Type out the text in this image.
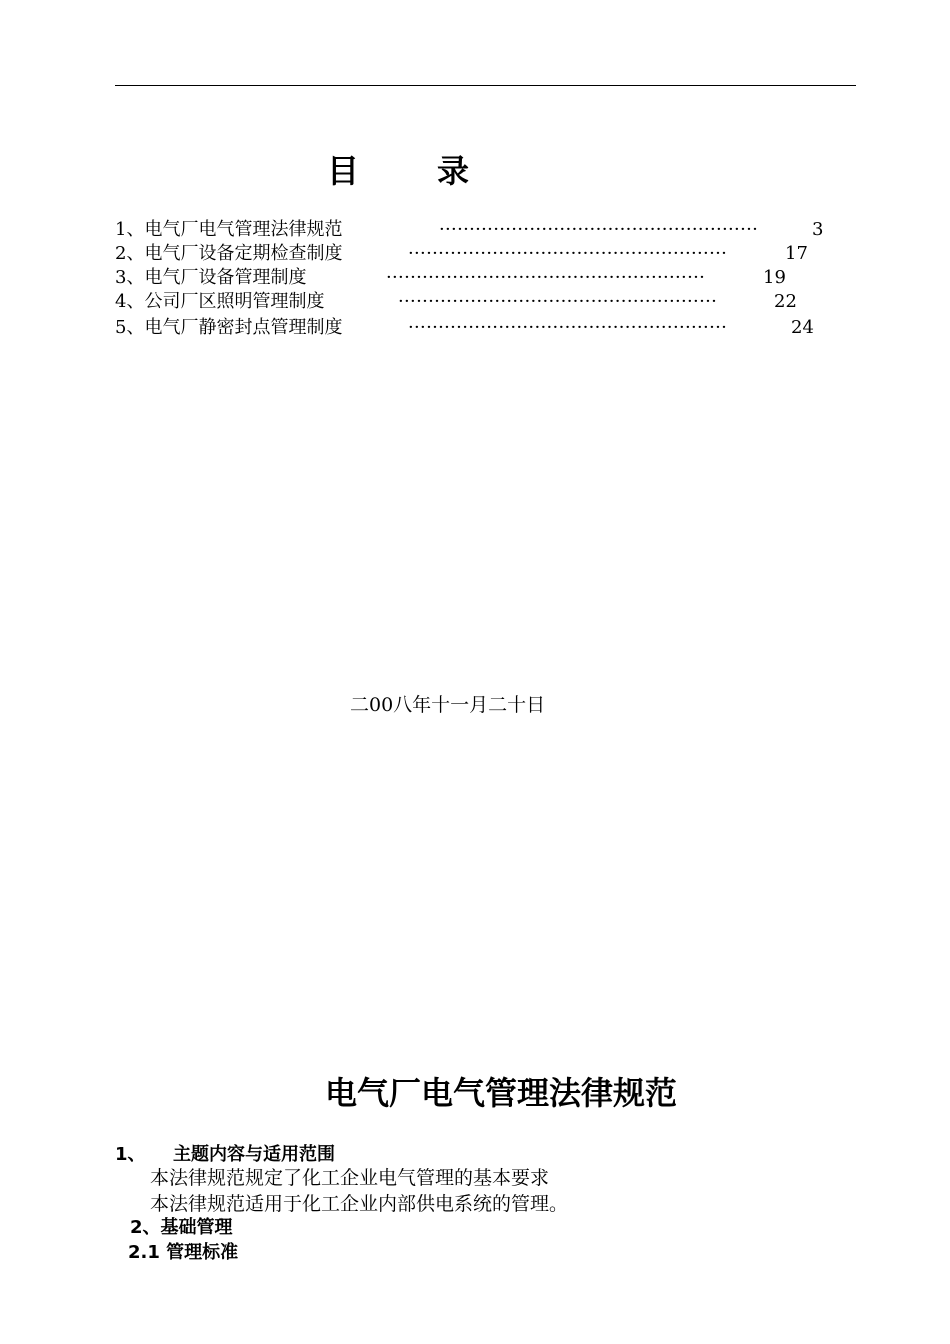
目 录
1、电气厂电气管理法律规范	·····················································	3
2、电气厂设备定期检查制度	·····················································	17
3、电气厂设备管理制度	·····················································	19
4、公司厂区照明管理制度	·····················································	22
5、电气厂静密封点管理制度	·····················································	24
二00八年十一月二十日
电气厂电气管理法律规范
1、 主题内容与适用范围
本法律规范规定了化工企业电气管理的基本要求
本法律规范适用于化工企业内部供电系统的管理。
2、基础管理
2.1 管理标准
